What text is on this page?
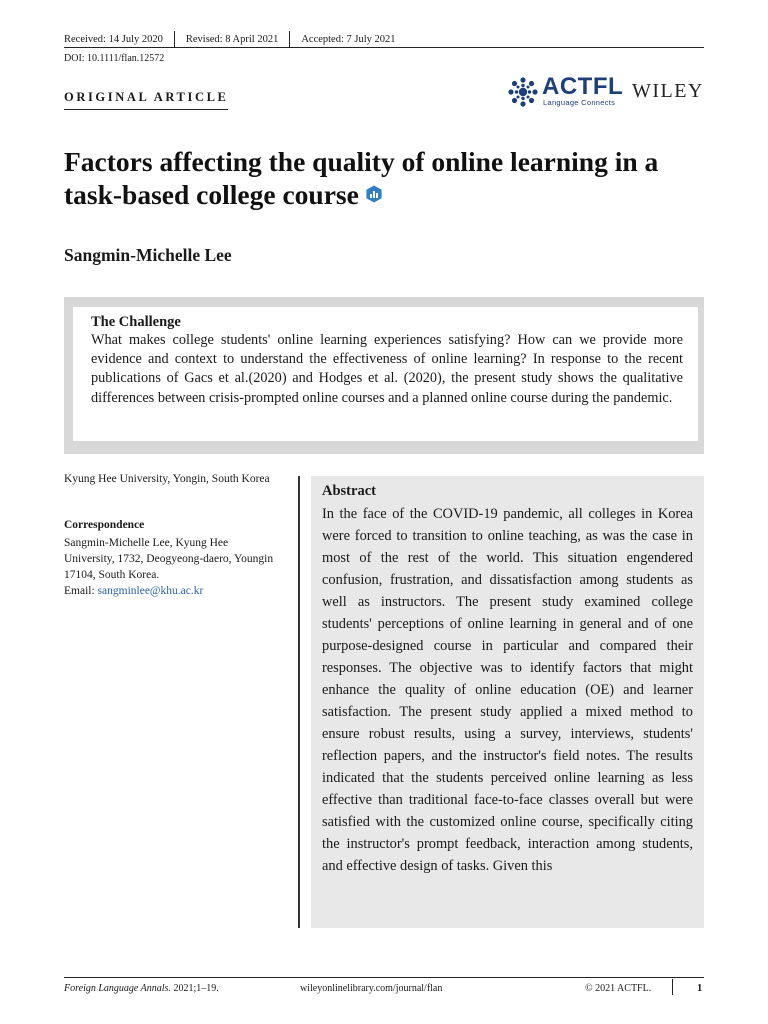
Received: 14 July 2020 Revised: 8 April 2021 Accepted: 7 July 2021
DOI: 10.1111/flan.12572
ORIGINAL ARTICLE	ACTFL
Language Connects
WILEY
Factors affecting the quality of online learning in a task-based college course
Sangmin-Michelle Lee
The Challenge
What makes college students' online learning experiences satisfying? How can we provide more evidence and context to understand the effectiveness of online learning? In response to the recent publications of Gacs et al.(2020) and Hodges et al. (2020), the present study shows the qualitative differences between crisis-prompted online courses and a planned online course during the pandemic.
Kyung Hee University, Yongin, South Korea
Correspondence
Sangmin-Michelle Lee, Kyung Hee University, 1732, Deogyeong-daero, Youngin 17104, South Korea.
Email: sangminlee@khu.ac.kr
Abstract
In the face of the COVID-19 pandemic, all colleges in Korea were forced to transition to online teaching, as was the case in most of the rest of the world. This situation engendered confusion, frustration, and dissatisfaction among students as well as instructors. The present study examined college students' perceptions of online learning in general and of one purpose-designed course in particular and compared their responses. The objective was to identify factors that might enhance the quality of online education (OE) and learner satisfaction. The present study applied a mixed method to ensure robust results, using a survey, interviews, students' reflection papers, and the instructor's field notes. The results indicated that the students perceived online learning as less effective than traditional face-to-face classes overall but were satisfied with the customized online course, specifically citing the instructor's prompt feedback, interaction among students, and effective design of tasks. Given this
Foreign Language Annals. 2021;1–19.	wileyonlinelibrary.com/journal/flan	© 2021 ACTFL.	1
